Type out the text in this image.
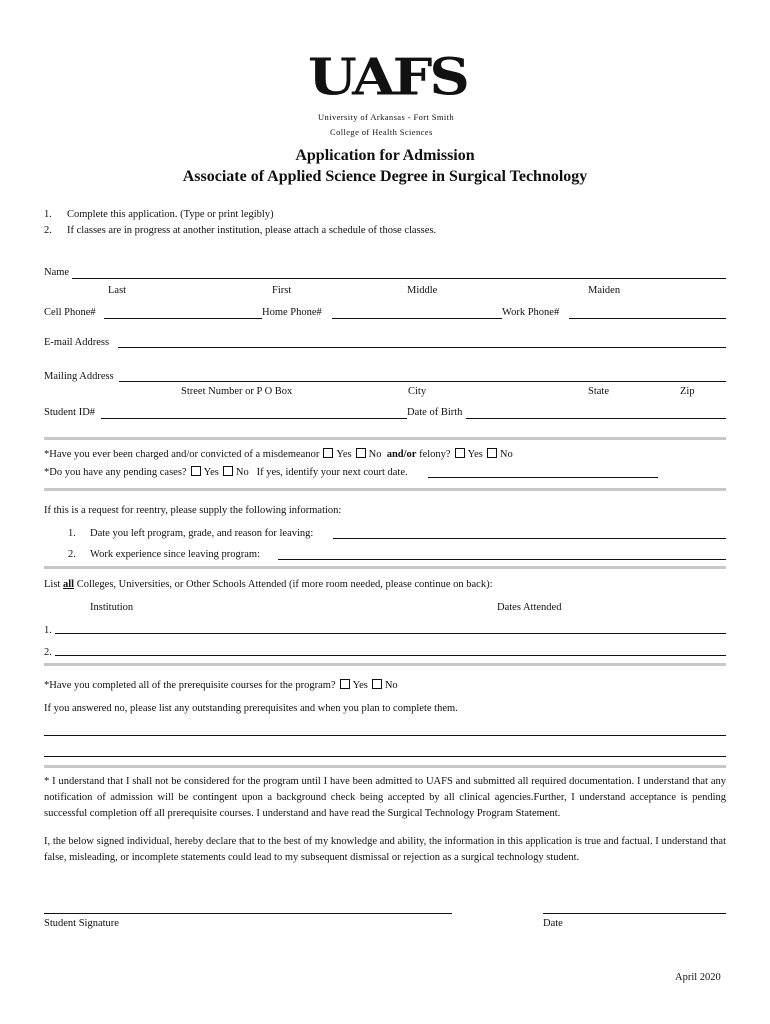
UAFS
University of Arkansas - Fort Smith
College of Health Sciences
Application for Admission
Associate of Applied Science Degree in Surgical Technology
1. Complete this application. (Type or print legibly)
2. If classes are in progress at another institution, please attach a schedule of those classes.
Name
Last	First	Middle	Maiden
Cell Phone#	Home Phone#	Work Phone#
E-mail Address
Mailing Address
Street Number or P O Box	City	State	Zip
Student ID#	Date of Birth
*Have you ever been charged and/or convicted of a misdemeanor Yes No and/or felony? Yes No
*Do you have any pending cases? Yes No If yes, identify your next court date.
If this is a request for reentry, please supply the following information:
1. Date you left program, grade, and reason for leaving:
2. Work experience since leaving program:
List all Colleges, Universities, or Other Schools Attended (if more room needed, please continue on back):
Institution	Dates Attended
1.
2.
*Have you completed all of the prerequisite courses for the program? Yes No
If you answered no, please list any outstanding prerequisites and when you plan to complete them.
* I understand that I shall not be considered for the program until I have been admitted to UAFS and submitted all required documentation. I understand that any notification of admission will be contingent upon a background check being accepted by all clinical agencies.Further, I understand acceptance is pending successful completion off all prerequisite courses. I understand and have read the Surgical Technology Program Statement.
I, the below signed individual, hereby declare that to the best of my knowledge and ability, the information in this application is true and factual. I understand that false, misleading, or incomplete statements could lead to my subsequent dismissal or rejection as a surgical technology student.
Student Signature	Date
April 2020
